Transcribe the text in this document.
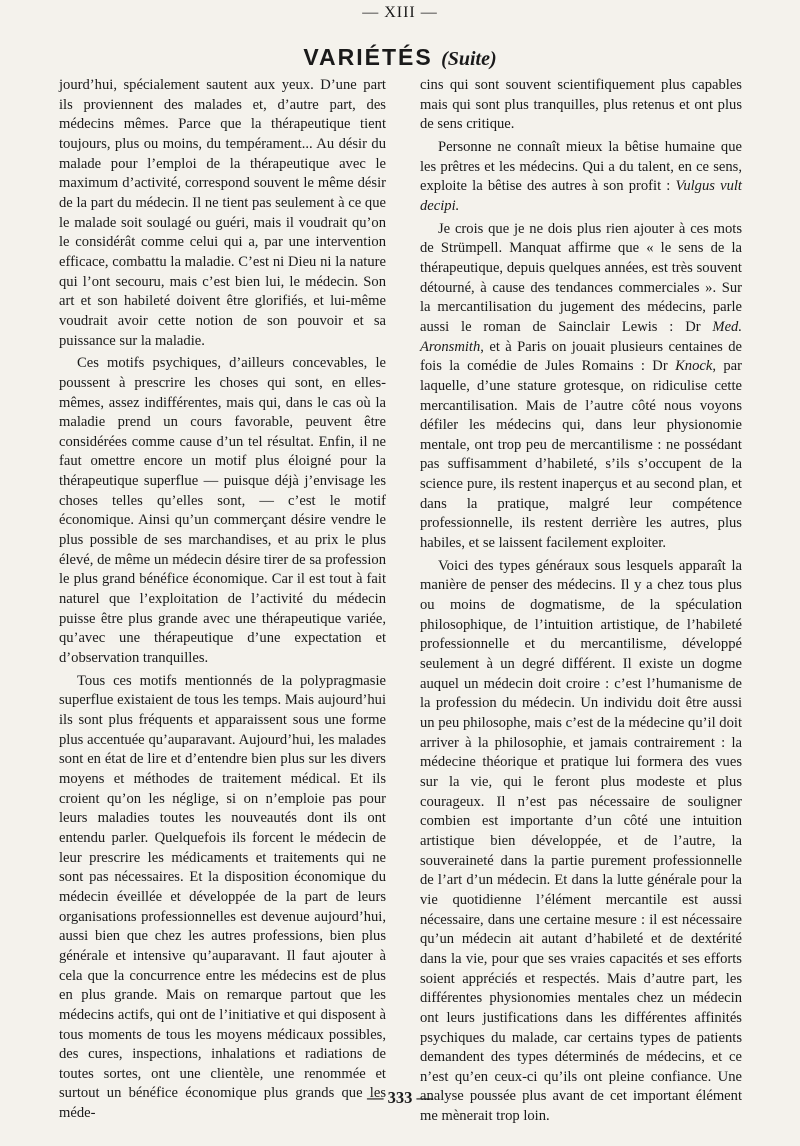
— XIII —
VARIÉTÉS (Suite)

jourd’hui, spécialement sautent aux yeux. D’une part ils proviennent des malades et, d’autre part, des médecins mêmes. Parce que la thérapeutique tient toujours, plus ou moins, du tempérament... Au désir du malade pour l’emploi de la thérapeutique avec le maximum d’activité, correspond souvent le même désir de la part du médecin. Il ne tient pas seulement à ce que le malade soit soulagé ou guéri, mais il voudrait qu’on le considérât comme celui qui a, par une intervention efficace, combattu la maladie. C’est ni Dieu ni la nature qui l’ont secouru, mais c’est bien lui, le médecin. Son art et son habileté doivent être glorifiés, et lui-même voudrait avoir cette notion de son pouvoir et sa puissance sur la maladie.

Ces motifs psychiques, d’ailleurs concevables, le poussent à prescrire les choses qui sont, en elles-mêmes, assez indifférentes, mais qui, dans le cas où la maladie prend un cours favorable, peuvent être considérées comme cause d’un tel résultat. Enfin, il ne faut omettre encore un motif plus éloigné pour la thérapeutique superflue — puisque déjà j’envisage les choses telles qu’elles sont, — c’est le motif économique. Ainsi qu’un commerçant désire vendre le plus possible de ses marchandises, et au prix le plus élevé, de même un médecin désire tirer de sa profession le plus grand bénéfice économique. Car il est tout à fait naturel que l’exploitation de l’activité du médecin puisse être plus grande avec une thérapeutique variée, qu’avec une thérapeutique d’une expectation et d’observation tranquilles.

Tous ces motifs mentionnés de la polypragmasie superflue existaient de tous les temps. Mais aujourd’hui ils sont plus fréquents et apparaissent sous une forme plus accentuée qu’auparavant. Aujourd’hui, les malades sont en état de lire et d’entendre bien plus sur les divers moyens et méthodes de traitement médical. Et ils croient qu’on les néglige, si on n’emploie pas pour leurs maladies toutes les nouveautés dont ils ont entendu parler. Quelquefois ils forcent le médecin de leur prescrire les médicaments et traitements qui ne sont pas nécessaires. Et la disposition économique du médecin éveillée et développée de la part de leurs organisations professionnelles est devenue aujourd’hui, aussi bien que chez les autres professions, bien plus générale et intensive qu’auparavant. Il faut ajouter à cela que la concurrence entre les médecins est de plus en plus grande. Mais on remarque partout que les médecins actifs, qui ont de l’initiative et qui disposent à tous moments de tous les moyens médicaux possibles, des cures, inspections, inhalations et radiations de toutes sortes, ont une clientèle, une renommée et surtout un bénéfice économique plus grands que les méde-

cins qui sont souvent scientifiquement plus capables mais qui sont plus tranquilles, plus retenus et ont plus de sens critique.

Personne ne connaît mieux la bêtise humaine que les prêtres et les médecins. Qui a du talent, en ce sens, exploite la bêtise des autres à son profit : Vulgus vult decipi.

Je crois que je ne dois plus rien ajouter à ces mots de Strümpell. Manquat affirme que « le sens de la thérapeutique, depuis quelques années, est très souvent détourné, à cause des tendances commerciales ». Sur la mercantilisation du jugement des médecins, parle aussi le roman de Sainclair Lewis : Dr Med. Aronsmith, et à Paris on jouait plusieurs centaines de fois la comédie de Jules Romains : Dr Knock, par laquelle, d’une stature grotesque, on ridiculise cette mercantilisation. Mais de l’autre côté nous voyons défiler les médecins qui, dans leur physionomie mentale, ont trop peu de mercantilisme : ne possédant pas suffisamment d’habileté, s’ils s’occupent de la science pure, ils restent inaperçus et au second plan, et dans la pratique, malgré leur compétence professionnelle, ils restent derrière les autres, plus habiles, et se laissent facilement exploiter.

Voici des types généraux sous lesquels apparaît la manière de penser des médecins. Il y a chez tous plus ou moins de dogmatisme, de la spéculation philosophique, de l’intuition artistique, de l’habileté professionnelle et du mercantilisme, développé seulement à un degré différent. Il existe un dogme auquel un médecin doit croire : c’est l’humanisme de la profession du médecin. Un individu doit être aussi un peu philosophe, mais c’est de la médecine qu’il doit arriver à la philosophie, et jamais contrairement : la médecine théorique et pratique lui formera des vues sur la vie, qui le feront plus modeste et plus courageux. Il n’est pas nécessaire de souligner combien est importante d’un côté une intuition artistique bien développée, et de l’autre, la souveraineté dans la partie purement professionnelle de l’art d’un médecin. Et dans la lutte générale pour la vie quotidienne l’élément mercantile est aussi nécessaire, dans une certaine mesure : il est nécessaire qu’un médecin ait autant d’habileté et de dextérité dans la vie, pour que ses vraies capacités et ses efforts soient appréciés et respectés. Mais d’autre part, les différentes physionomies mentales chez un médecin ont leurs justifications dans les différentes affinités psychiques du malade, car certains types de patients demandent des types déterminés de médecins, et ce n’est qu’en ceux-ci qu’ils ont pleine confiance. Une analyse poussée plus avant de cet important élément me mènerait trop loin.

— 333 —
